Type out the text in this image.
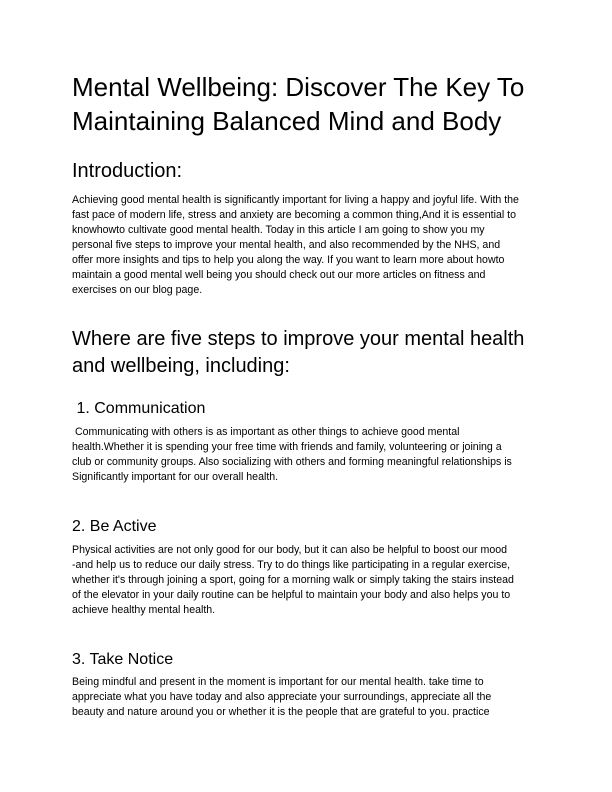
Mental Wellbeing: Discover The Key To Maintaining Balanced Mind and Body
Introduction:
Achieving good mental health is significantly important for living a happy and joyful life. With the
fast pace of modern life, stress and anxiety are becoming a common thing,And it is essential to
knowhowto cultivate good mental health. Today in this article I am going to show you my
personal five steps to improve your mental health, and also recommended by the NHS, and
offer more insights and tips to help you along the way. If you want to learn more about howto
maintain a good mental well being you should check out our more articles on fitness and
exercises on our blog page.
Where are five steps to improve your mental health and wellbeing, including:
1. Communication
Communicating with others is as important as other things to achieve good mental
health.Whether it is spending your free time with friends and family, volunteering or joining a
club or community groups. Also socializing with others and forming meaningful relationships is
Significantly important for our overall health.
2. Be Active
Physical activities are not only good for our body, but it can also be helpful to boost our mood
-and help us to reduce our daily stress. Try to do things like participating in a regular exercise,
whether it's through joining a sport, going for a morning walk or simply taking the stairs instead
of the elevator in your daily routine can be helpful to maintain your body and also helps you to
achieve healthy mental health.
3. Take Notice
Being mindful and present in the moment is important for our mental health. take time to
appreciate what you have today and also appreciate your surroundings, appreciate all the
beauty and nature around you or whether it is the people that are grateful to you. practice
